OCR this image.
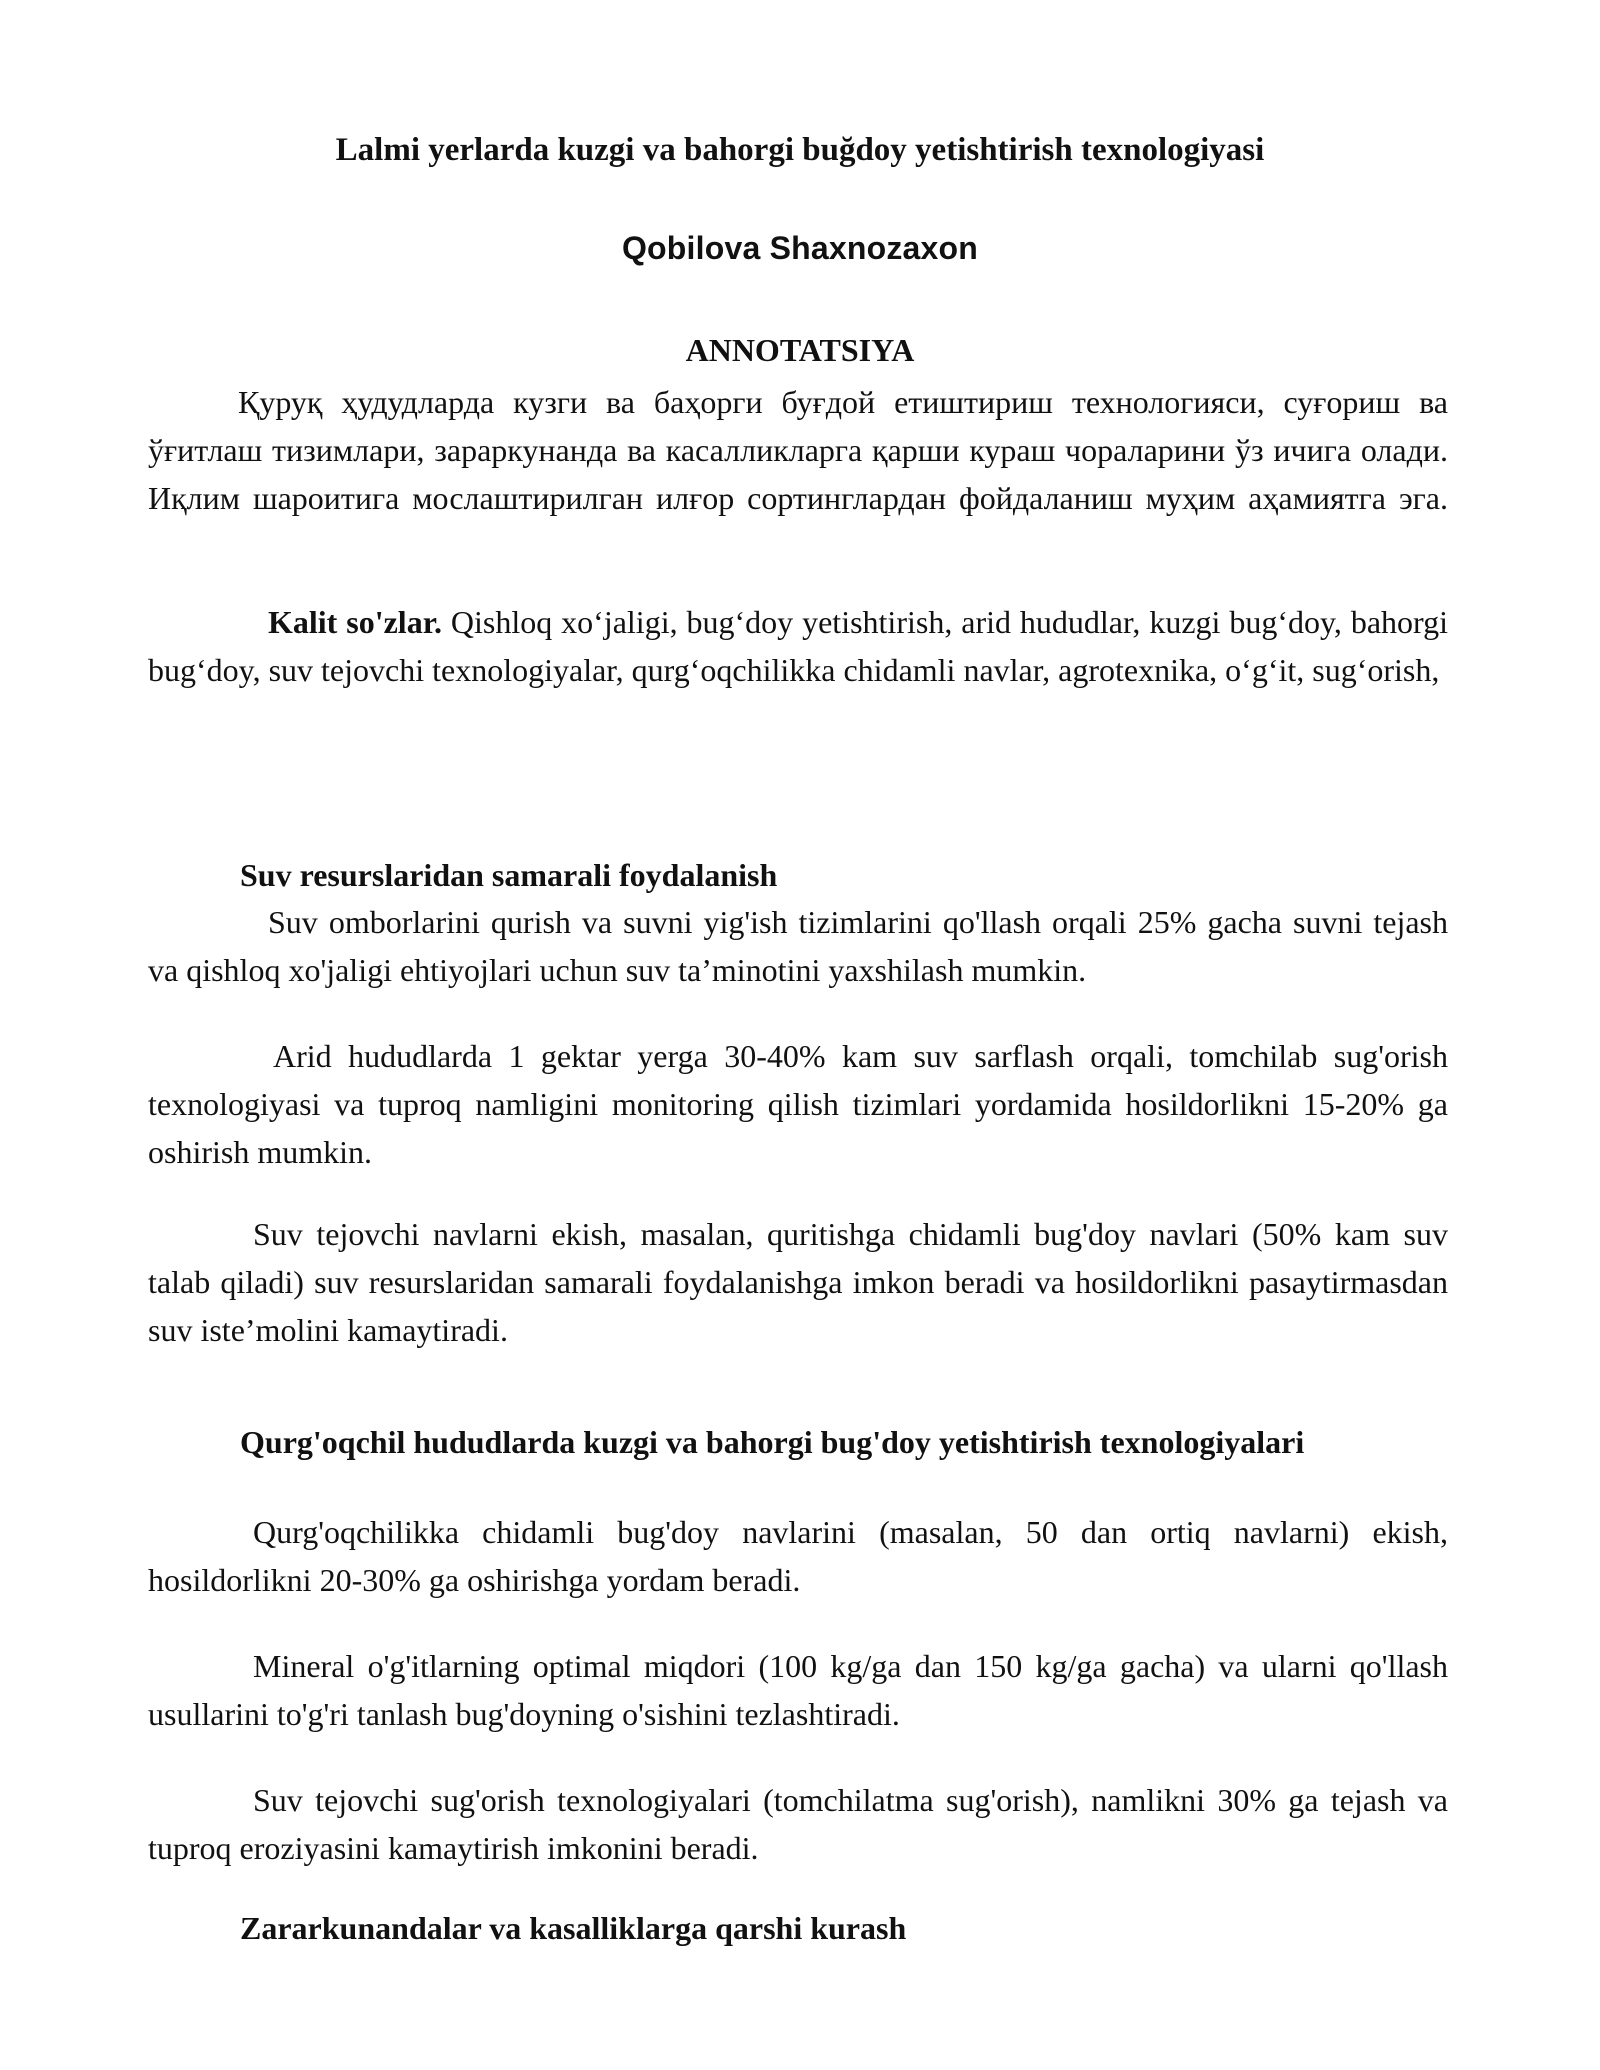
Lalmi yerlarda kuzgi va bahorgi buğdoy yetishtirish texnologiyasi

Qobilova Shaxnozaxon

ANNOTATSIYA

Қуруқ ҳудудларда кузги ва баҳорги буғдой етиштириш технологияси, суғориш ва ўғитлаш тизимлари, зараркунанда ва касалликларга қарши кураш чораларини ўз ичига олади. Иқлим шароитига мослаштирилган илғор сортинглардан фойдаланиш муҳим аҳамиятга эга.

Kalit so'zlar. Qishloq xo‘jaligi, bug‘doy yetishtirish, arid hududlar, kuzgi bug‘doy, bahorgi bug‘doy, suv tejovchi texnologiyalar, qurg‘oqchilikka chidamli navlar, agrotexnika, o‘g‘it, sug‘orish,

Suv resurslaridan samarali foydalanish

Suv omborlarini qurish va suvni yig'ish tizimlarini qo'llash orqali 25% gacha suvni tejash va qishloq xo'jaligi ehtiyojlari uchun suv ta’minotini yaxshilash mumkin.

Arid hududlarda 1 gektar yerga 30-40% kam suv sarflash orqali, tomchilab sug'orish texnologiyasi va tuproq namligini monitoring qilish tizimlari yordamida hosildorlikni 15-20% ga oshirish mumkin.

Suv tejovchi navlarni ekish, masalan, quritishga chidamli bug'doy navlari (50% kam suv talab qiladi) suv resurslaridan samarali foydalanishga imkon beradi va hosildorlikni pasaytirmasdan suv iste’molini kamaytiradi.

Qurg'oqchil hududlarda kuzgi va bahorgi bug'doy yetishtirish texnologiyalari

Qurg'oqchilikka chidamli bug'doy navlarini (masalan, 50 dan ortiq navlarni) ekish, hosildorlikni 20-30% ga oshirishga yordam beradi.

Mineral o'g'itlarning optimal miqdori (100 kg/ga dan 150 kg/ga gacha) va ularni qo'llash usullarini to'g'ri tanlash bug'doyning o'sishini tezlashtiradi.

Suv tejovchi sug'orish texnologiyalari (tomchilatma sug'orish), namlikni 30% ga tejash va tuproq eroziyasini kamaytirish imkonini beradi.

Zararkunandalar va kasalliklarga qarshi kurash
